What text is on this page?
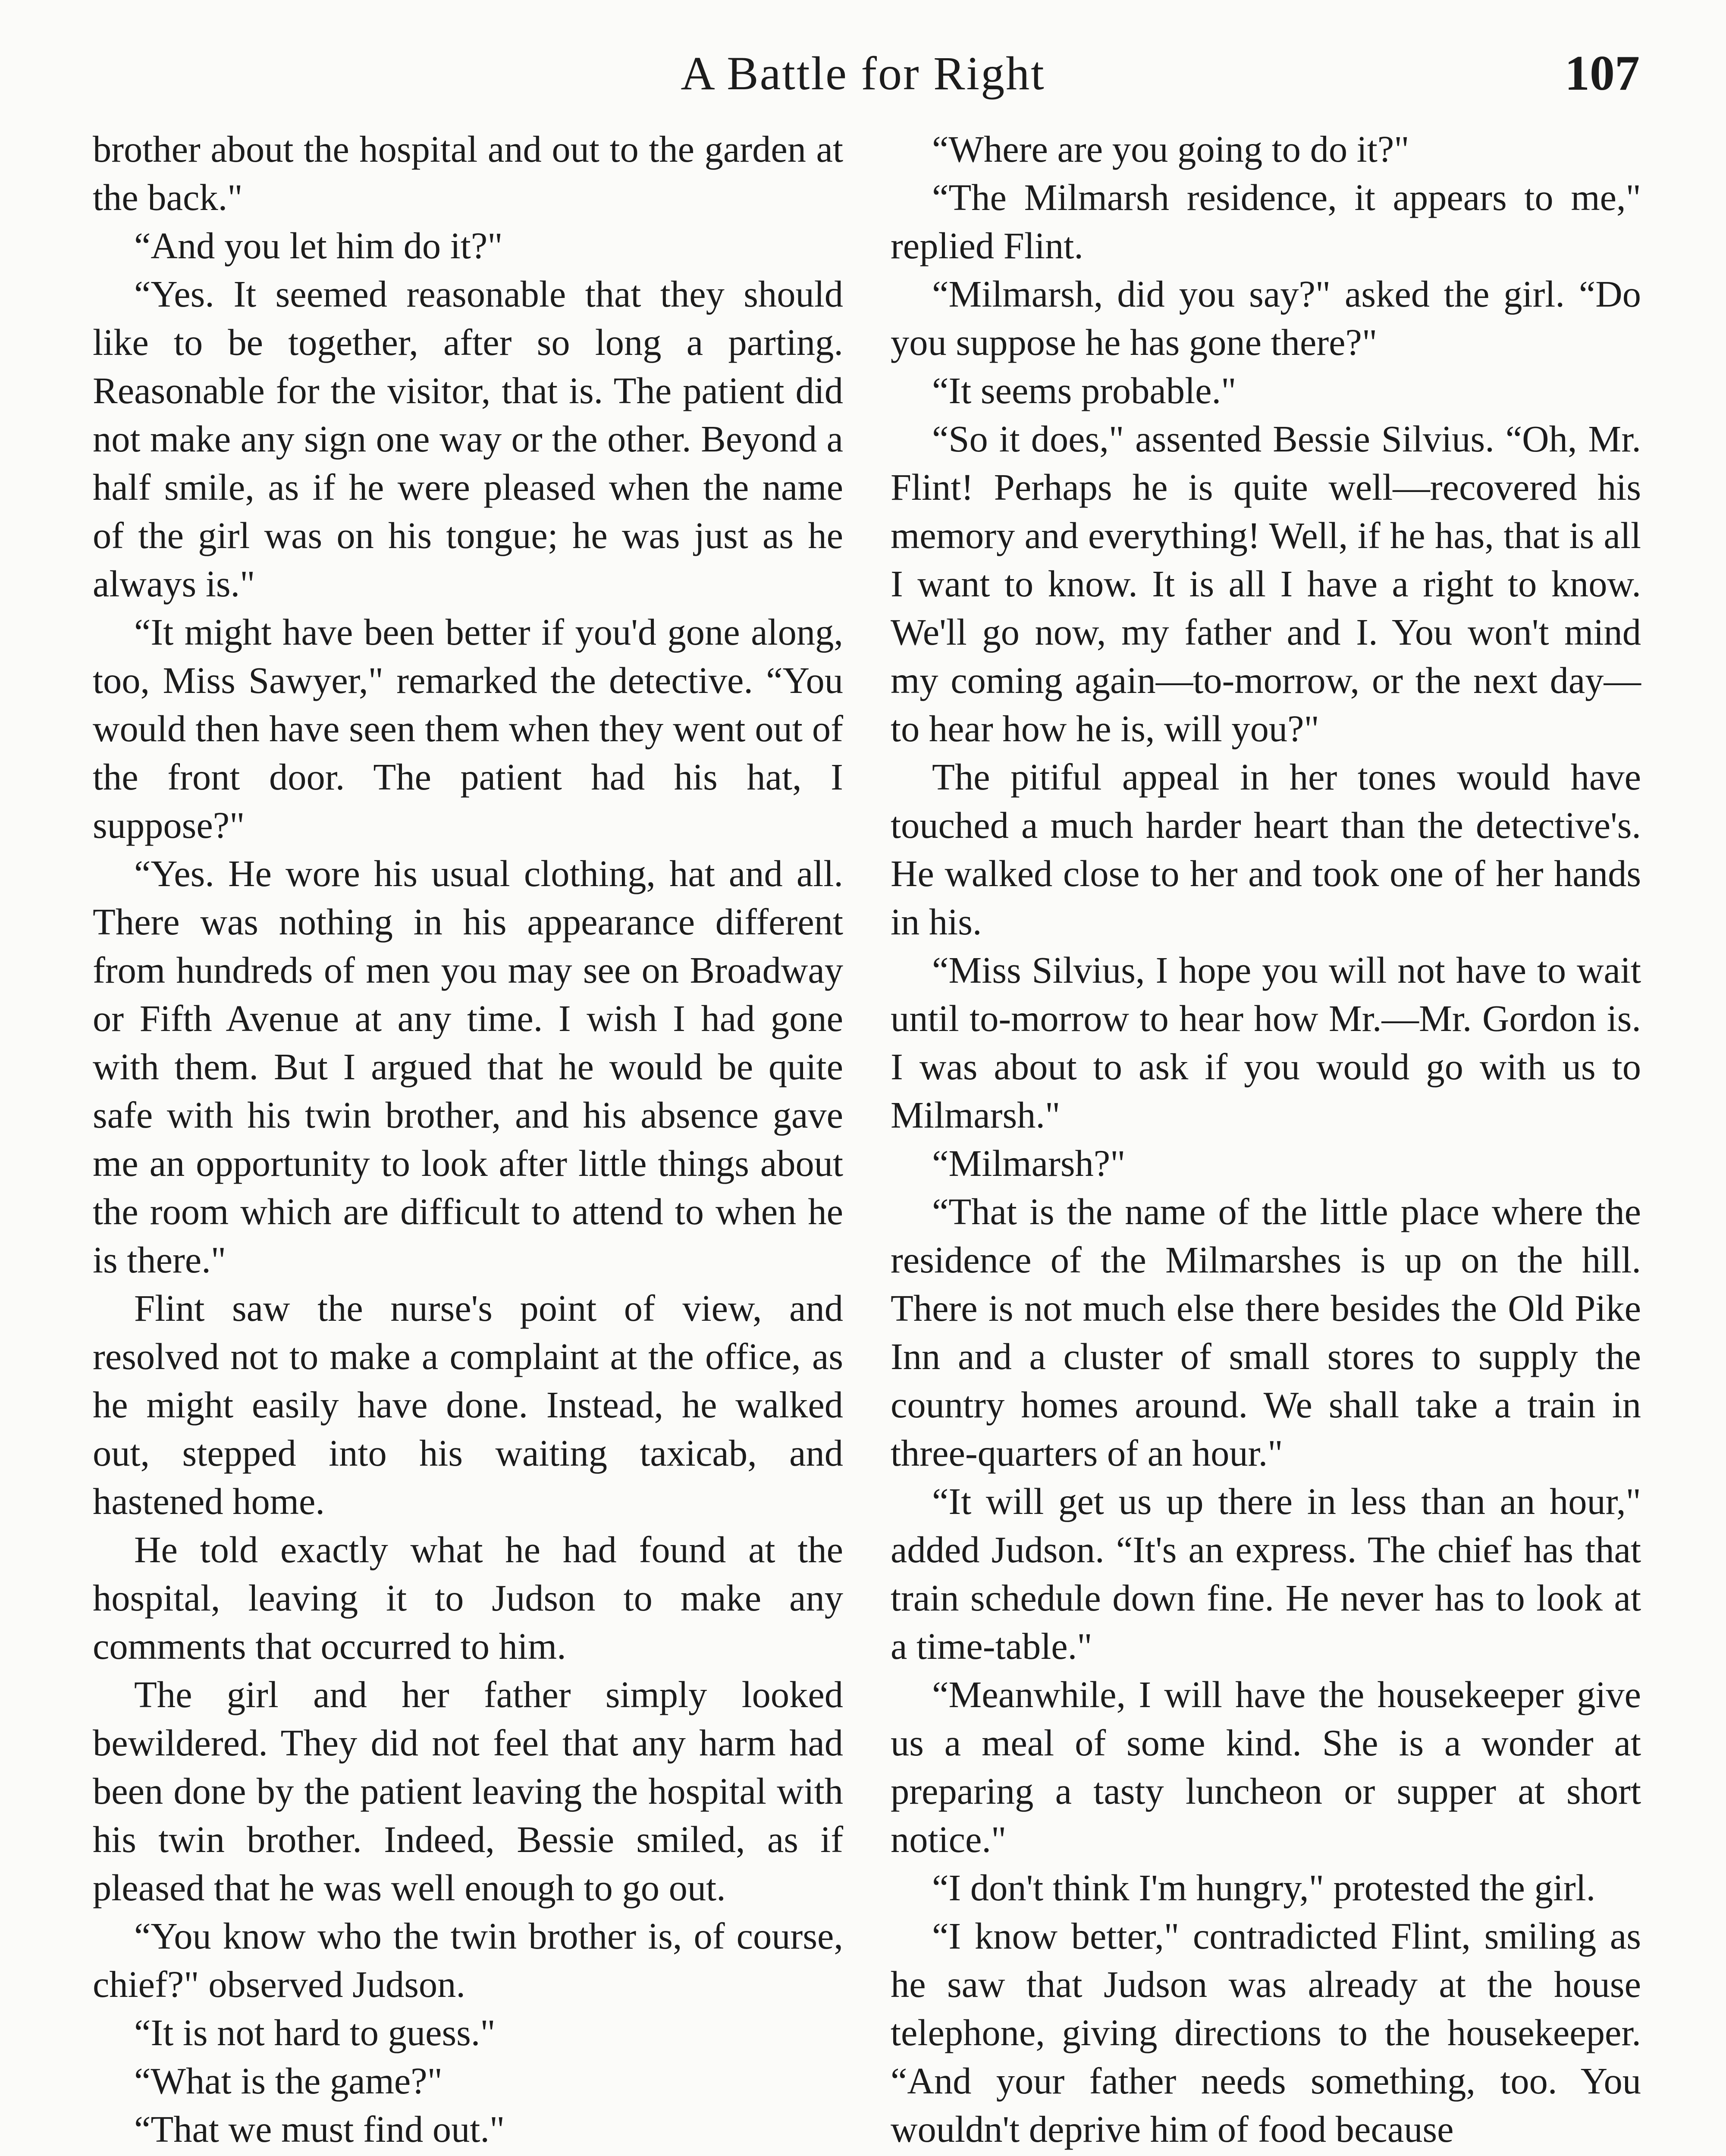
A Battle for Right	107

brother about the hospital and out to the garden at the back."

“And you let him do it?"

“Yes. It seemed reasonable that they should like to be together, after so long a parting. Reasonable for the visitor, that is. The patient did not make any sign one way or the other. Beyond a half smile, as if he were pleased when the name of the girl was on his tongue; he was just as he always is."

“It might have been better if you'd gone along, too, Miss Sawyer," remarked the detective. “You would then have seen them when they went out of the front door. The patient had his hat, I suppose?"

“Yes. He wore his usual clothing, hat and all. There was nothing in his appearance different from hundreds of men you may see on Broadway or Fifth Avenue at any time. I wish I had gone with them. But I argued that he would be quite safe with his twin brother, and his absence gave me an opportunity to look after little things about the room which are difficult to attend to when he is there."

Flint saw the nurse's point of view, and resolved not to make a complaint at the office, as he might easily have done. Instead, he walked out, stepped into his waiting taxicab, and hastened home.

He told exactly what he had found at the hospital, leaving it to Judson to make any comments that occurred to him.

The girl and her father simply looked bewildered. They did not feel that any harm had been done by the patient leaving the hospital with his twin brother. Indeed, Bessie smiled, as if pleased that he was well enough to go out.

“You know who the twin brother is, of course, chief?" observed Judson.

“It is not hard to guess."

“What is the game?"

“That we must find out."

“Where are you going to do it?"

“The Milmarsh residence, it appears to me," replied Flint.

“Milmarsh, did you say?" asked the girl. “Do you suppose he has gone there?"

“It seems probable."

“So it does," assented Bessie Silvius. “Oh, Mr. Flint! Perhaps he is quite well—recovered his memory and everything! Well, if he has, that is all I want to know. It is all I have a right to know. We'll go now, my father and I. You won't mind my coming again—to-morrow, or the next day—to hear how he is, will you?"

The pitiful appeal in her tones would have touched a much harder heart than the detective's. He walked close to her and took one of her hands in his.

“Miss Silvius, I hope you will not have to wait until to-morrow to hear how Mr.—Mr. Gordon is. I was about to ask if you would go with us to Milmarsh."

“Milmarsh?"

“That is the name of the little place where the residence of the Milmarshes is up on the hill. There is not much else there besides the Old Pike Inn and a cluster of small stores to supply the country homes around. We shall take a train in three-quarters of an hour."

“It will get us up there in less than an hour," added Judson. “It's an express. The chief has that train schedule down fine. He never has to look at a time-table."

“Meanwhile, I will have the housekeeper give us a meal of some kind. She is a wonder at preparing a tasty luncheon or supper at short notice."

“I don't think I'm hungry," protested the girl.

“I know better," contradicted Flint, smiling as he saw that Judson was already at the house telephone, giving directions to the housekeeper. “And your father needs something, too. You wouldn't deprive him of food because
